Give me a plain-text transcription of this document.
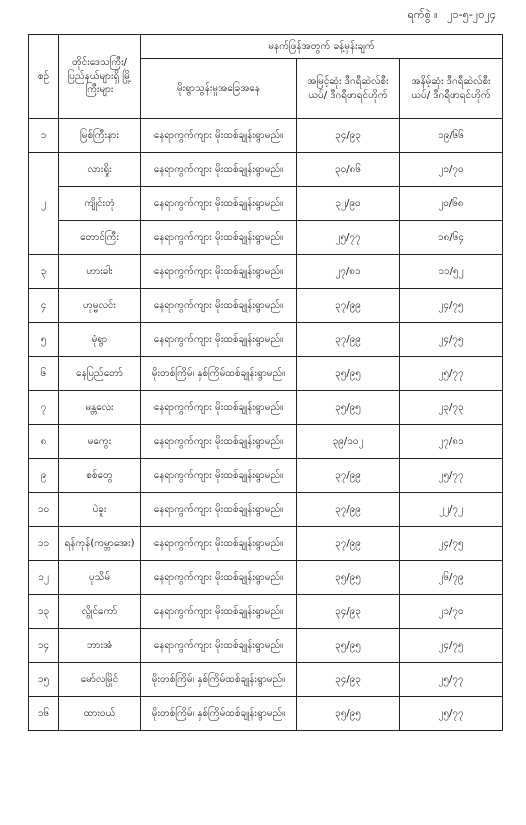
ရက်စွဲ ။ ၂၁-၅-၂၀၂၄
စဉ်	တိုင်းဒေသကြီး/ ပြည်နယ်များရှိ မြို့ကြီးများ	မနက်ဖြန်အတွက် ခန့်မှန်းချက်		
		မိုးရွာသွန်းမှုအခြေအနေ	အမြင့်ဆုံး ဒီဂရီဆဲလ်စီးယပ်/ ဒီဂရီဖာရင်ဟိုက်	အနိမ့်ဆုံး ဒီဂရီဆဲလ်စီးယပ်/ ဒီဂရီဖာရင်ဟိုက်
၁	မြစ်ကြီးနား	နေရာကွက်ကျား မိုးထစ်ချုန်းရွာမည်။	၃၄/၉၃	၁၉/၆၆
၂	လားရှိုး	နေရာကွက်ကျား မိုးထစ်ချုန်းရွာမည်။	၃၀/၈၆	၂၁/၇၀
	ကျိုင်းတုံ	နေရာကွက်ကျား မိုးထစ်ချုန်းရွာမည်။	၃၂/၉၀	၂၀/၆၈
	တောင်ကြီး	နေရာကွက်ကျား မိုးထစ်ချုန်းရွာမည်။	၂၅/၇၇	၁၈/၆၄
၃	ဟားခါး	နေရာကွက်ကျား မိုးထစ်ချုန်းရွာမည်။	၂၇/၈၁	၁၁/၅၂
၄	ဟုမ္မလင်း	နေရာကွက်ကျား မိုးထစ်ချုန်းရွာမည်။	၃၇/၉၉	၂၄/၇၅
၅	မုံရွာ	နေရာကွက်ကျား မိုးထစ်ချုန်းရွာမည်။	၃၇/၉၉	၂၄/၇၅
၆	နေပြည်တော်	မိုးတစ်ကြိမ်၊ နှစ်ကြိမ်ထစ်ချုန်းရွာမည်။	၃၅/၉၅	၂၅/၇၇
၇	မန္တလေး	နေရာကွက်ကျား မိုးထစ်ချုန်းရွာမည်။	၃၅/၉၅	၂၃/၇၃
၈	မကွေး	နေရာကွက်ကျား မိုးထစ်ချုန်းရွာမည်။	၃၉/၁၀၂	၂၇/၈၁
၉	စစ်တွေ	နေရာကွက်ကျား မိုးထစ်ချုန်းရွာမည်။	၃၇/၉၉	၂၅/၇၇
၁၀	ပဲခူး	နေရာကွက်ကျား မိုးထစ်ချုန်းရွာမည်။	၃၇/၉၉	၂၂/၇၂
၁၁	ရန်ကုန်(ကမ္ဘာအေး)	နေရာကွက်ကျား မိုးထစ်ချုန်းရွာမည်။	၃၇/၉၉	၂၄/၇၅
၁၂	ပုသိမ်	နေရာကွက်ကျား မိုးထစ်ချုန်းရွာမည်။	၃၅/၉၅	၂၆/၇၉
၁၃	လွိုင်ကော်	နေရာကွက်ကျား မိုးထစ်ချုန်းရွာမည်။	၃၄/၉၃	၂၁/၇၀
၁၄	ဘားအံ	နေရာကွက်ကျား မိုးထစ်ချုန်းရွာမည်။	၃၅/၉၅	၂၄/၇၅
၁၅	မော်လမြိုင်	မိုးတစ်ကြိမ်၊ နှစ်ကြိမ်ထစ်ချုန်းရွာမည်။	၃၄/၉၃	၂၅/၇၇
၁၆	ထားဝယ်	မိုးတစ်ကြိမ်၊ နှစ်ကြိမ်ထစ်ချုန်းရွာမည်။	၃၅/၉၅	၂၅/၇၇
